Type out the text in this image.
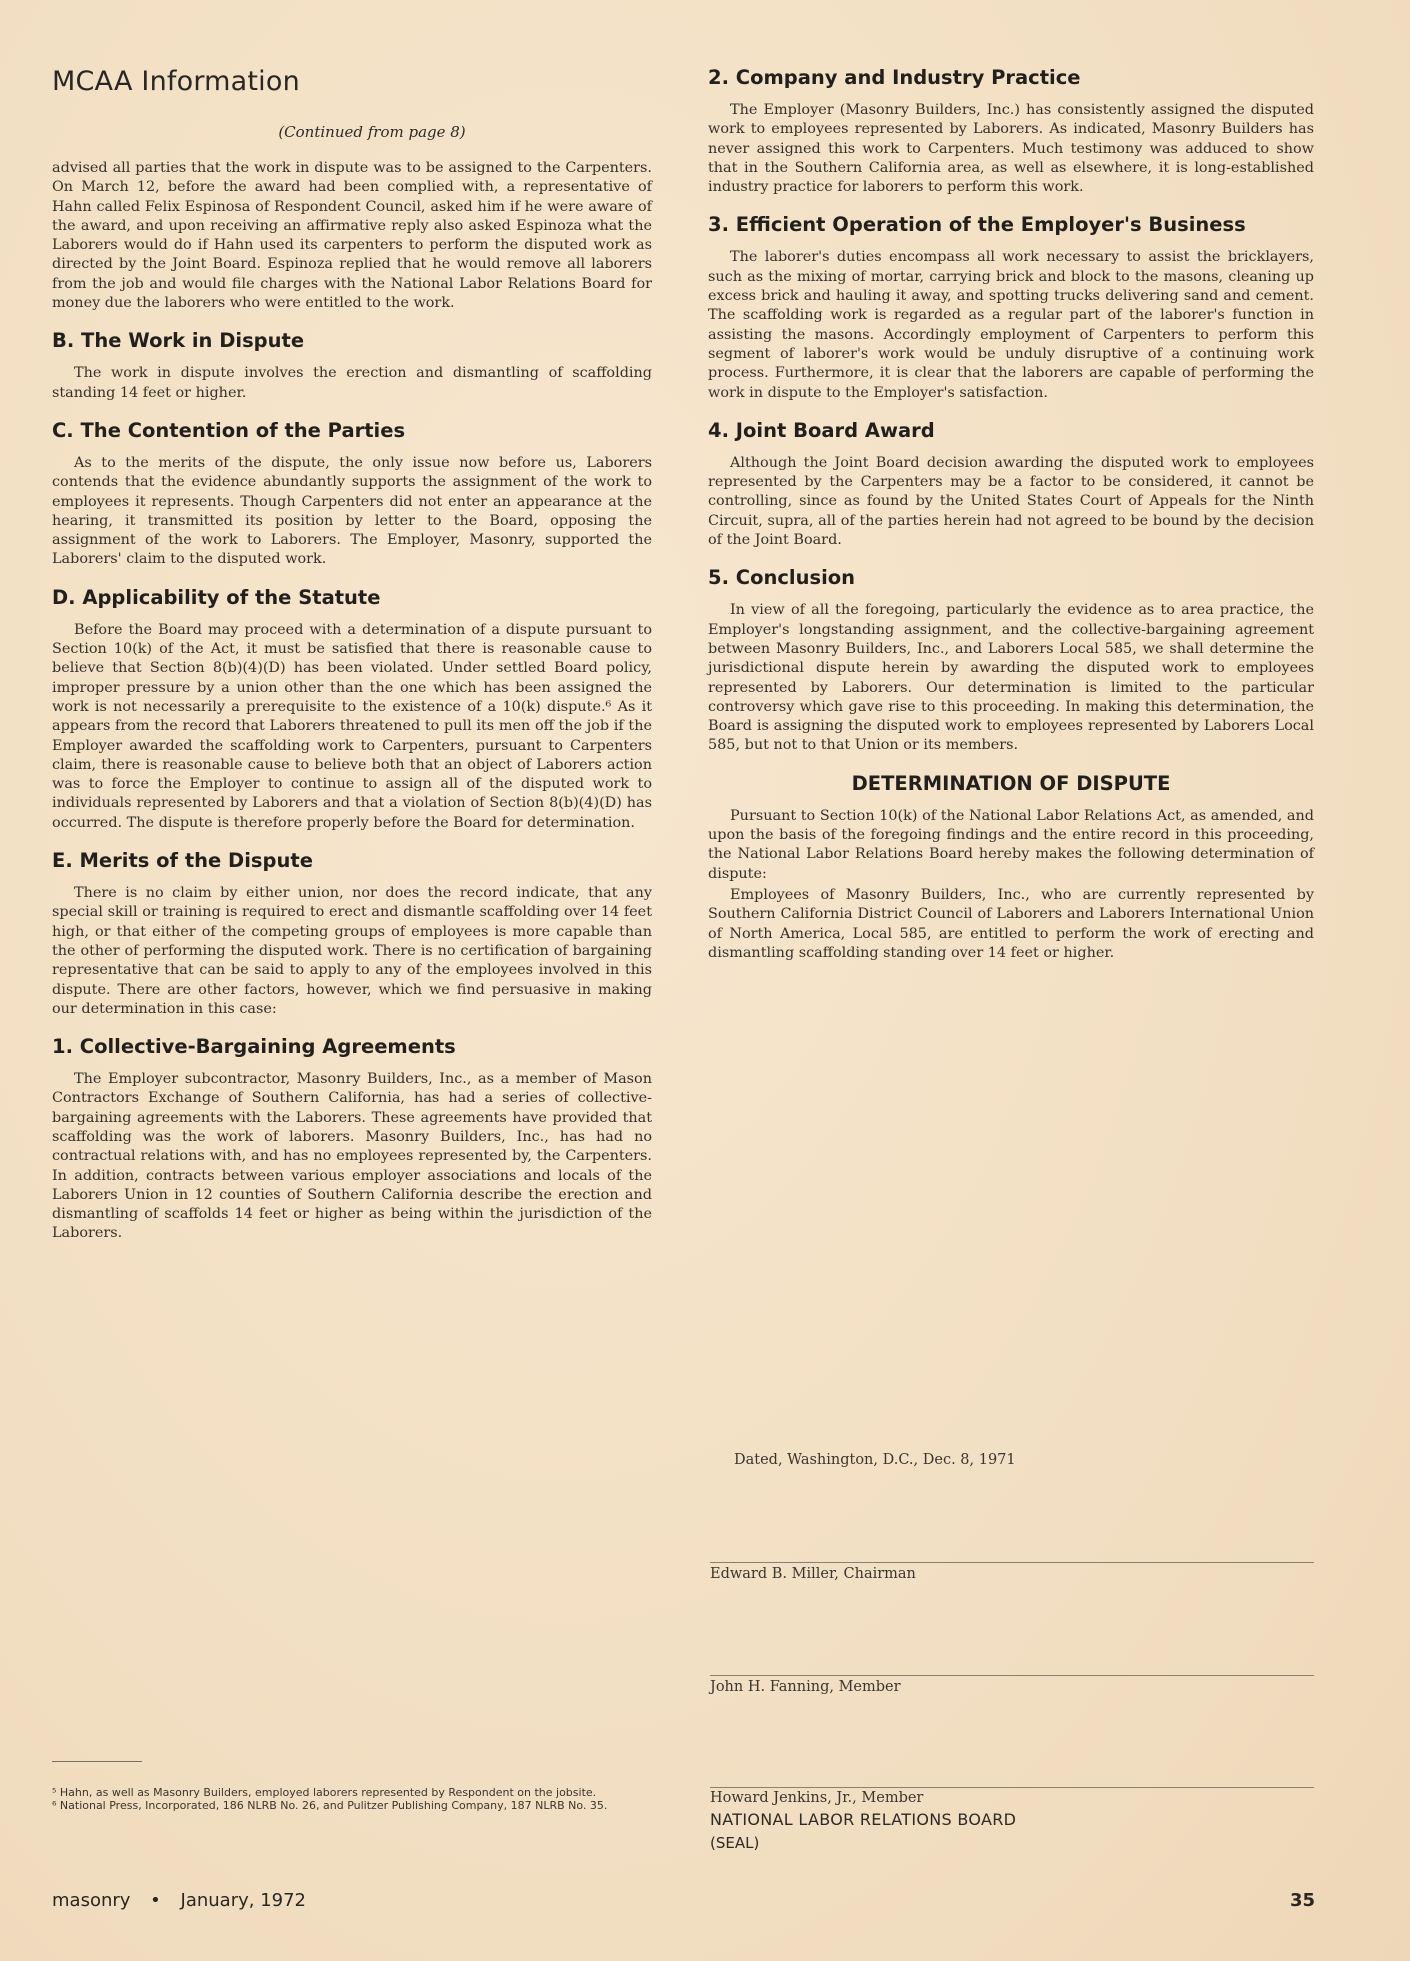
MCAA Information
(Continued from page 8)

advised all parties that the work in dispute was to be assigned to the Carpenters. On March 12, before the award had been complied with, a representative of Hahn called Felix Espinosa of Respondent Council, asked him if he were aware of the award, and upon receiving an affirmative reply also asked Espinoza what the Laborers would do if Hahn used its carpenters to perform the disputed work as directed by the Joint Board. Espinoza replied that he would remove all laborers from the job and would file charges with the National Labor Relations Board for money due the laborers who were entitled to the work.

B. The Work in Dispute

The work in dispute involves the erection and dismantling of scaffolding standing 14 feet or higher.

C. The Contention of the Parties

As to the merits of the dispute, the only issue now before us, Laborers contends that the evidence abundantly supports the assignment of the work to employees it represents. Though Carpenters did not enter an appearance at the hearing, it transmitted its position by letter to the Board, opposing the assignment of the work to Laborers. The Employer, Masonry, supported the Laborers' claim to the disputed work.

D. Applicability of the Statute

Before the Board may proceed with a determination of a dispute pursuant to Section 10(k) of the Act, it must be satisfied that there is reasonable cause to believe that Section 8(b)(4)(D) has been violated. Under settled Board policy, improper pressure by a union other than the one which has been assigned the work is not necessarily a prerequisite to the existence of a 10(k) dispute.⁶ As it appears from the record that Laborers threatened to pull its men off the job if the Employer awarded the scaffolding work to Carpenters, pursuant to Carpenters claim, there is reasonable cause to believe both that an object of Laborers action was to force the Employer to continue to assign all of the disputed work to individuals represented by Laborers and that a violation of Section 8(b)(4)(D) has occurred. The dispute is therefore properly before the Board for determination.

E. Merits of the Dispute

There is no claim by either union, nor does the record indicate, that any special skill or training is required to erect and dismantle scaffolding over 14 feet high, or that either of the competing groups of employees is more capable than the other of performing the disputed work. There is no certification of bargaining representative that can be said to apply to any of the employees involved in this dispute. There are other factors, however, which we find persuasive in making our determination in this case:

1. Collective-Bargaining Agreements

The Employer subcontractor, Masonry Builders, Inc., as a member of Mason Contractors Exchange of Southern California, has had a series of collective-bargaining agreements with the Laborers. These agreements have provided that scaffolding was the work of laborers. Masonry Builders, Inc., has had no contractual relations with, and has no employees represented by, the Carpenters. In addition, contracts between various employer associations and locals of the Laborers Union in 12 counties of Southern California describe the erection and dismantling of scaffolds 14 feet or higher as being within the jurisdiction of the Laborers.

⁵ Hahn, as well as Masonry Builders, employed laborers represented by Respondent on the jobsite.

⁶ National Press, Incorporated, 186 NLRB No. 26, and Pulitzer Publishing Company, 187 NLRB No. 35.

2. Company and Industry Practice

The Employer (Masonry Builders, Inc.) has consistently assigned the disputed work to employees represented by Laborers. As indicated, Masonry Builders has never assigned this work to Carpenters. Much testimony was adduced to show that in the Southern California area, as well as elsewhere, it is long-established industry practice for laborers to perform this work.

3. Efficient Operation of the Employer's Business

The laborer's duties encompass all work necessary to assist the bricklayers, such as the mixing of mortar, carrying brick and block to the masons, cleaning up excess brick and hauling it away, and spotting trucks delivering sand and cement. The scaffolding work is regarded as a regular part of the laborer's function in assisting the masons. Accordingly employment of Carpenters to perform this segment of laborer's work would be unduly disruptive of a continuing work process. Furthermore, it is clear that the laborers are capable of performing the work in dispute to the Employer's satisfaction.

4. Joint Board Award

Although the Joint Board decision awarding the disputed work to employees represented by the Carpenters may be a factor to be considered, it cannot be controlling, since as found by the United States Court of Appeals for the Ninth Circuit, supra, all of the parties herein had not agreed to be bound by the decision of the Joint Board.

5. Conclusion

In view of all the foregoing, particularly the evidence as to area practice, the Employer's longstanding assignment, and the collective-bargaining agreement between Masonry Builders, Inc., and Laborers Local 585, we shall determine the jurisdictional dispute herein by awarding the disputed work to employees represented by Laborers. Our determination is limited to the particular controversy which gave rise to this proceeding. In making this determination, the Board is assigning the disputed work to employees represented by Laborers Local 585, but not to that Union or its members.

DETERMINATION OF DISPUTE

Pursuant to Section 10(k) of the National Labor Relations Act, as amended, and upon the basis of the foregoing findings and the entire record in this proceeding, the National Labor Relations Board hereby makes the following determination of dispute:

Employees of Masonry Builders, Inc., who are currently represented by Southern California District Council of Laborers and Laborers International Union of North America, Local 585, are entitled to perform the work of erecting and dismantling scaffolding standing over 14 feet or higher.

Dated, Washington, D.C., Dec. 8, 1971
Edward B. Miller, Chairman
John H. Fanning, Member
Howard Jenkins, Jr., Member
NATIONAL LABOR RELATIONS BOARD
(SEAL)
masonry • January, 1972	35
